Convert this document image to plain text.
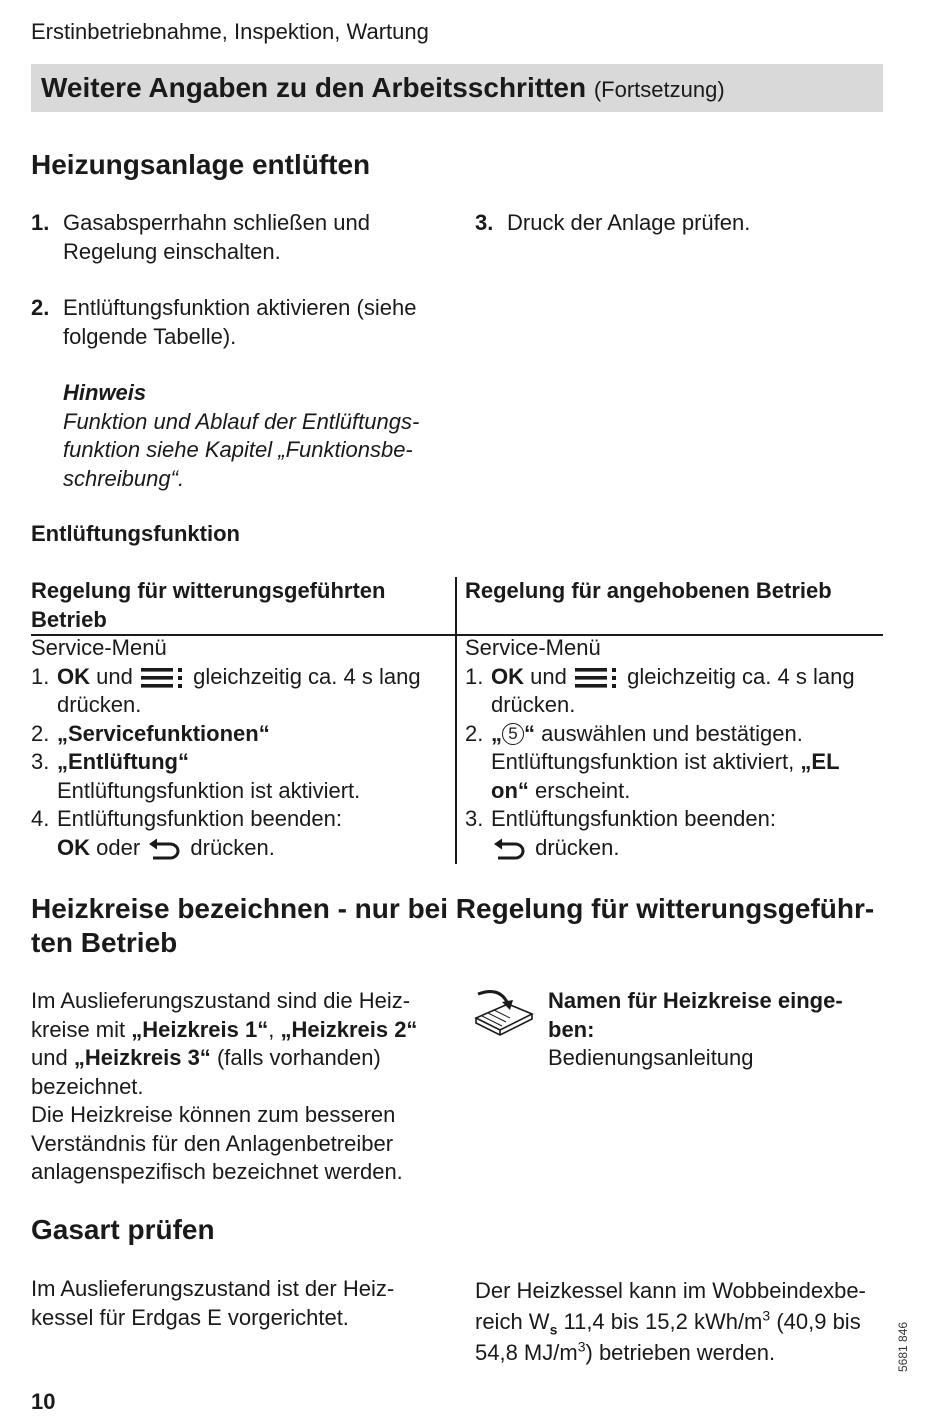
Erstinbetriebnahme, Inspektion, Wartung
Weitere Angaben zu den Arbeitsschritten (Fortsetzung)
Heizungsanlage entlüften
1. Gasabsperrhahn schließen und Regelung einschalten.
2. Entlüftungsfunktion aktivieren (siehe folgende Tabelle).
Hinweis
Funktion und Ablauf der Entlüftungs-funktion siehe Kapitel „Funktionsbe-schreibung“.
3. Druck der Anlage prüfen.
Entlüftungsfunktion
Regelung für witterungsgeführten Betrieb
Service-Menü
1. OK und	gleichzeitig ca. 4 s lang drücken.
2. „Servicefunktionen“
3. „Entlüftung“
Entlüftungsfunktion ist aktiviert.
4. Entlüftungsfunktion beenden:
OK oder drücken.
Regelung für angehobenen Betrieb
Service-Menü
1. OK und	gleichzeitig ca. 4 s lang drücken.
2. „ 5 “ auswählen und bestätigen.
Entlüftungsfunktion ist aktiviert, „EL on“ erscheint.
3. Entlüftungsfunktion beenden:
drücken.
Heizkreise bezeichnen - nur bei Regelung für witterungsgeführ-ten Betrieb
Im Auslieferungszustand sind die Heiz-kreise mit „Heizkreis 1“, „Heizkreis 2“ und „Heizkreis 3“ (falls vorhanden) bezeichnet.
Die Heizkreise können zum besseren Verständnis für den Anlagenbetreiber anlagenspezifisch bezeichnet werden.
Namen für Heizkreise einge-ben:
Bedienungsanleitung
Gasart prüfen
Im Auslieferungszustand ist der Heiz-kessel für Erdgas E vorgerichtet.
Der Heizkessel kann im Wobbeindexbe-reich $W_s$ 11,4 bis 15,2 kWh/$m^3$ (40,9 bis 54,8 $MJ/m^3$) betrieben werden.
10
5681 846
